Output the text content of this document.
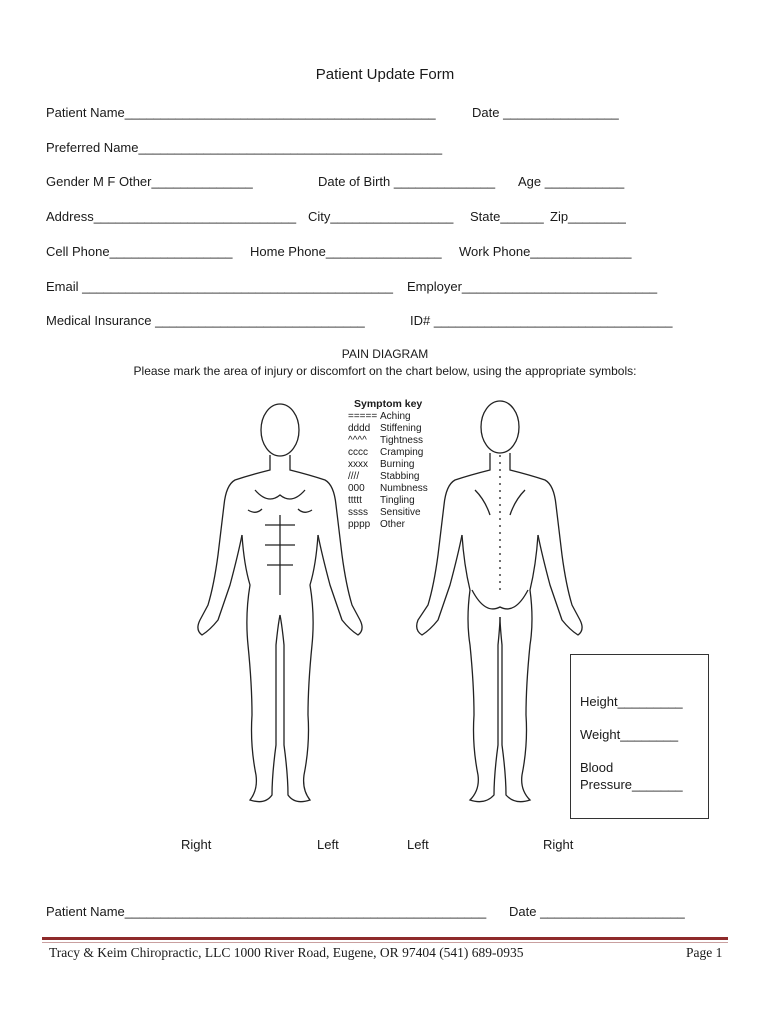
Patient Update Form
Patient Name___________________________________________	Date ________________
Preferred Name__________________________________________
Gender M F Other______________	Date of Birth ______________ Age ___________
Address____________________________ City_________________ State______ Zip________
Cell Phone_________________ Home Phone________________ Work Phone______________
Email ___________________________________________ Employer___________________________
Medical Insurance _____________________________	ID# _________________________________
PAIN DIAGRAM
Please mark the area of injury or discomfort on the chart below, using the appropriate symbols:
Symptom key
===== Aching
dddd Stiffening
^^^^ Tightness
cccc Cramping
xxxx Burning
//// Stabbing
000 Numbness
ttttt Tingling
ssss Sensitive
pppp Other
Height_________
Weight________
Blood
Pressure_______
Right	Left	Left	Right
Patient Name__________________________________________________ Date ____________________
Tracy & Keim Chiropractic, LLC 1000 River Road, Eugene, OR 97404 (541) 689-0935	Page 1
